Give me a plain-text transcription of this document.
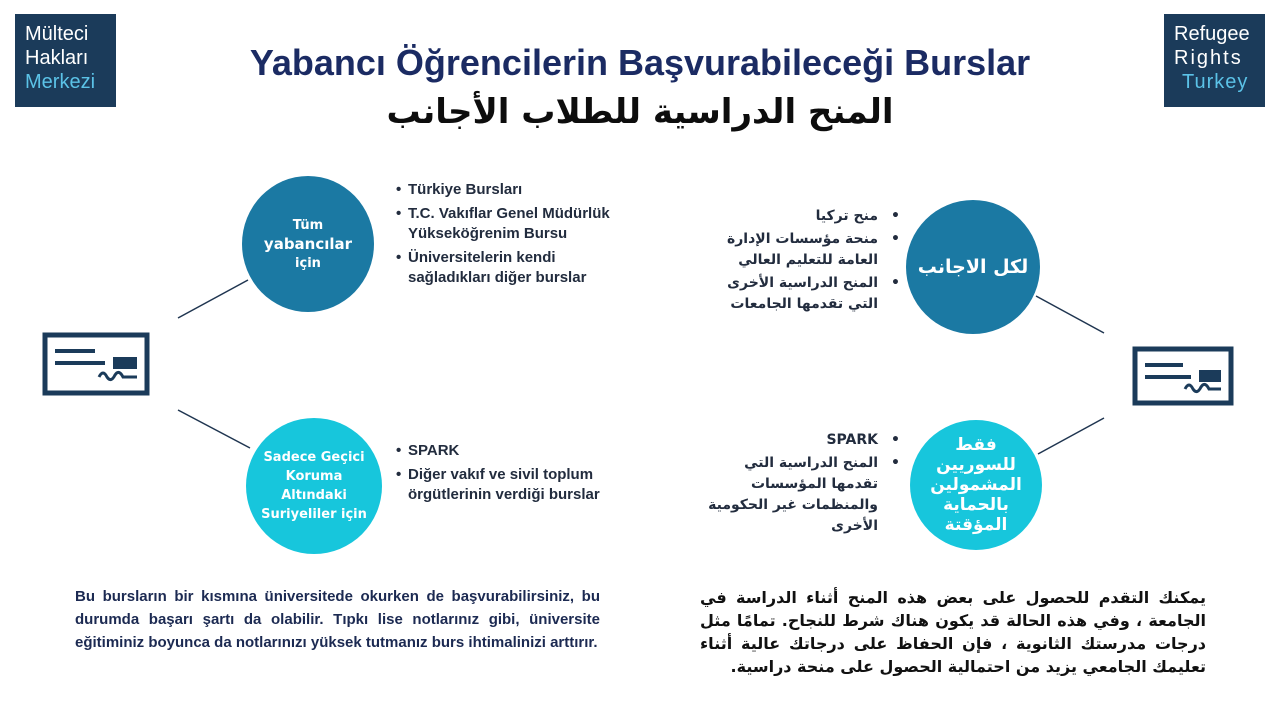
Mülteci
Hakları
Merkezi
Refugee
Rights
Turkey
Yabancı Öğrencilerin Başvurabileceği Burslar
المنح الدراسية للطلاب الأجانب
Tüm
yabancılar
için
Sadece Geçici Koruma Altındaki Suriyeliler için
لكل الاجانب
فقط للسوريين المشمولين بالحماية المؤقتة
• Türkiye Bursları
• T.C. Vakıflar Genel Müdürlük Yükseköğrenim Bursu
• Üniversitelerin kendi sağladıkları diğer burslar
• SPARK
• Diğer vakıf ve sivil toplum örgütlerinin verdiği burslar
• منح تركيا
• منحة مؤسسات الإدارة العامة للتعليم العالي
• المنح الدراسية الأخرى التي تقدمها الجامعات
• SPARK
• المنح الدراسية التي تقدمها المؤسسات والمنظمات غير الحكومية الأخرى
Bu bursların bir kısmına üniversitede okurken de başvurabilirsiniz, bu durumda başarı şartı da olabilir. Tıpkı lise notlarınız gibi, üniversite eğitiminiz boyunca da notlarınızı yüksek tutmanız burs ihtimalinizi arttırır.
يمكنك التقدم للحصول على بعض هذه المنح أثناء الدراسة في الجامعة ، وفي هذه الحالة قد يكون هناك شرط للنجاح. تمامًا مثل درجات مدرستك الثانوية ، فإن الحفاظ على درجاتك عالية أثناء تعليمك الجامعي يزيد من احتمالية الحصول على منحة دراسية.
